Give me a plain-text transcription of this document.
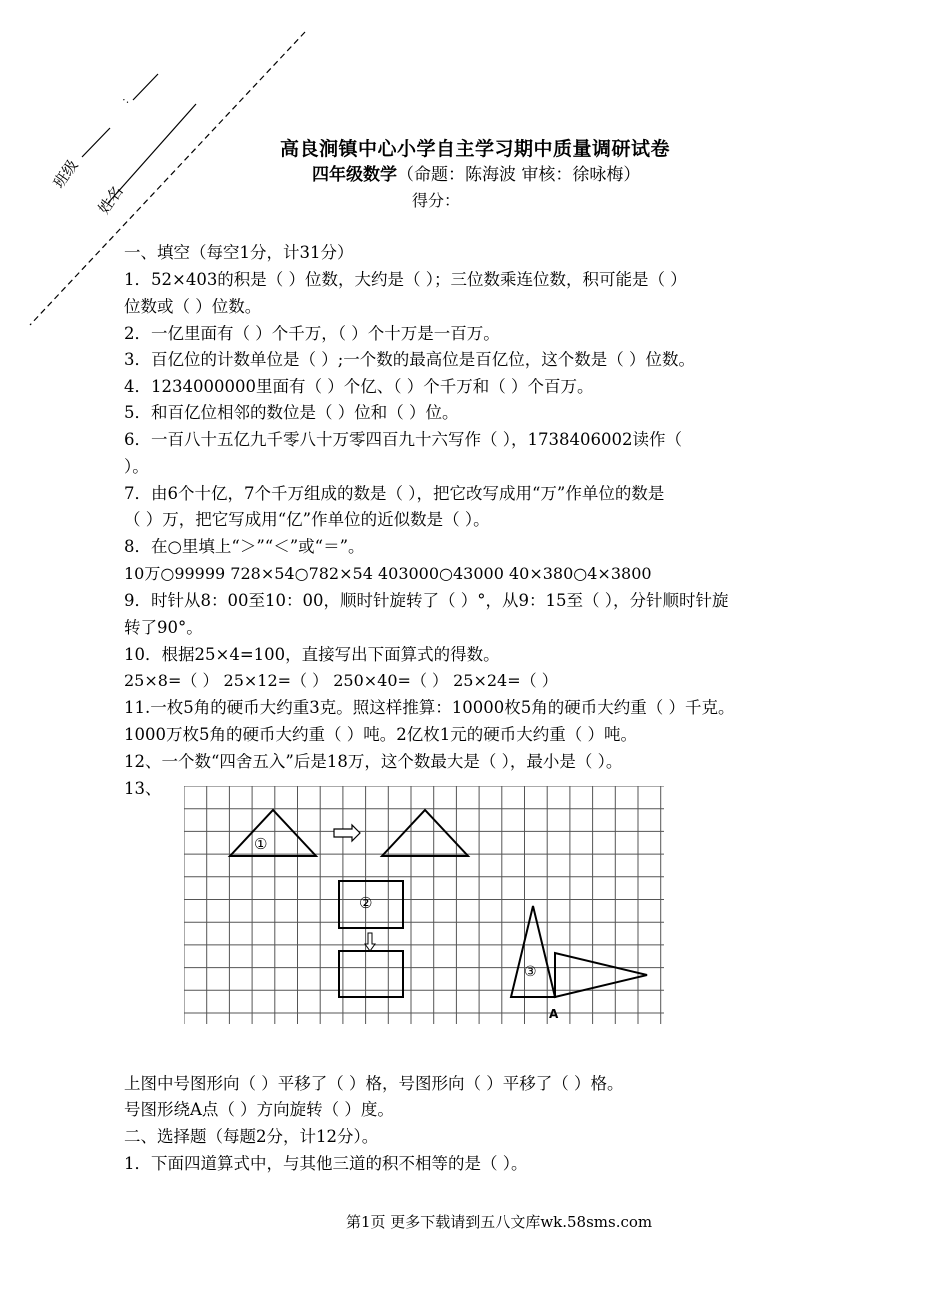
班级
姓名
：
高良涧镇中心小学自主学习期中质量调研试卷
四年级数学（命题：陈海波 审核：徐咏梅）
得分：
一、填空（每空1分，计31分）
1．52×403的积是（ ）位数，大约是（ ）；三位数乘连位数，积可能是（ ）
位数或（ ）位数。
2．一亿里面有（ ）个千万，（ ）个十万是一百万。
3．百亿位的计数单位是（ ）;一个数的最高位是百亿位，这个数是（ ）位数。
4．1234000000里面有（ ）个亿、（ ）个千万和（ ）个百万。
5．和百亿位相邻的数位是（ ）位和（ ）位。
6．一百八十五亿九千零八十万零四百九十六写作（ ），1738406002读作（
）。
7．由6个十亿，7个千万组成的数是（ ），把它改写成用“万”作单位的数是
（ ）万，把它写成用“亿”作单位的近似数是（ ）。
8．在○里填上“＞”“＜”或“＝”。
10万○99999 728×54○782×54 403000○43000 40×380○4×3800
9．时针从8：00至10：00，顺时针旋转了（ ）°，从9：15至（ ），分针顺时针旋
转了90°。
10．根据25×4=100，直接写出下面算式的得数。
25×8=（ ） 25×12=（ ） 250×40=（ ） 25×24=（ ）
11.一枚5角的硬币大约重3克。照这样推算：10000枚5角的硬币大约重（ ）千克。
1000万枚5角的硬币大约重（ ）吨。2亿枚1元的硬币大约重（ ）吨。
12、一个数“四舍五入”后是18万，这个数最大是（ ），最小是（ ）。
13、
①
②
③
A
上图中号图形向（ ）平移了（ ）格，号图形向（ ）平移了（ ）格。
号图形绕A点（ ）方向旋转（ ）度。
二、选择题（每题2分，计12分）。
1．下面四道算式中，与其他三道的积不相等的是（ ）。
第1页 更多下载请到五八文库wk.58sms.com
